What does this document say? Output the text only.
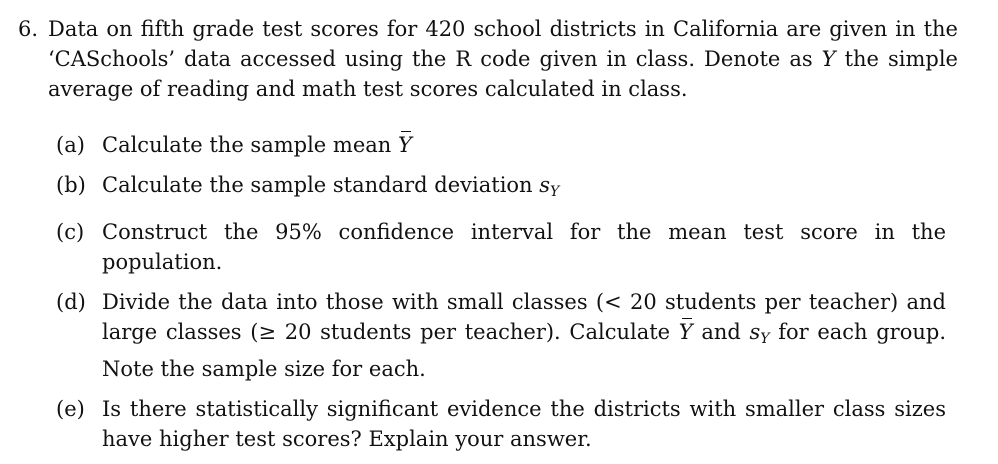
6. Data on fifth grade test scores for 420 school districts in California are given in the ‘CASchools’ data accessed using the R code given in class. Denote as Y the simple average of reading and math test scores calculated in class.
(a) Calculate the sample mean Y
(b) Calculate the sample standard deviation $s_Y$
(c) Construct the 95% confidence interval for the mean test score in the population.
(d) Divide the data into those with small classes (< 20 students per teacher) and large classes (≥ 20 students per teacher). Calculate Y and $s_Y$ for each group. Note the sample size for each.
(e) Is there statistically significant evidence the districts with smaller class sizes have higher test scores? Explain your answer.
